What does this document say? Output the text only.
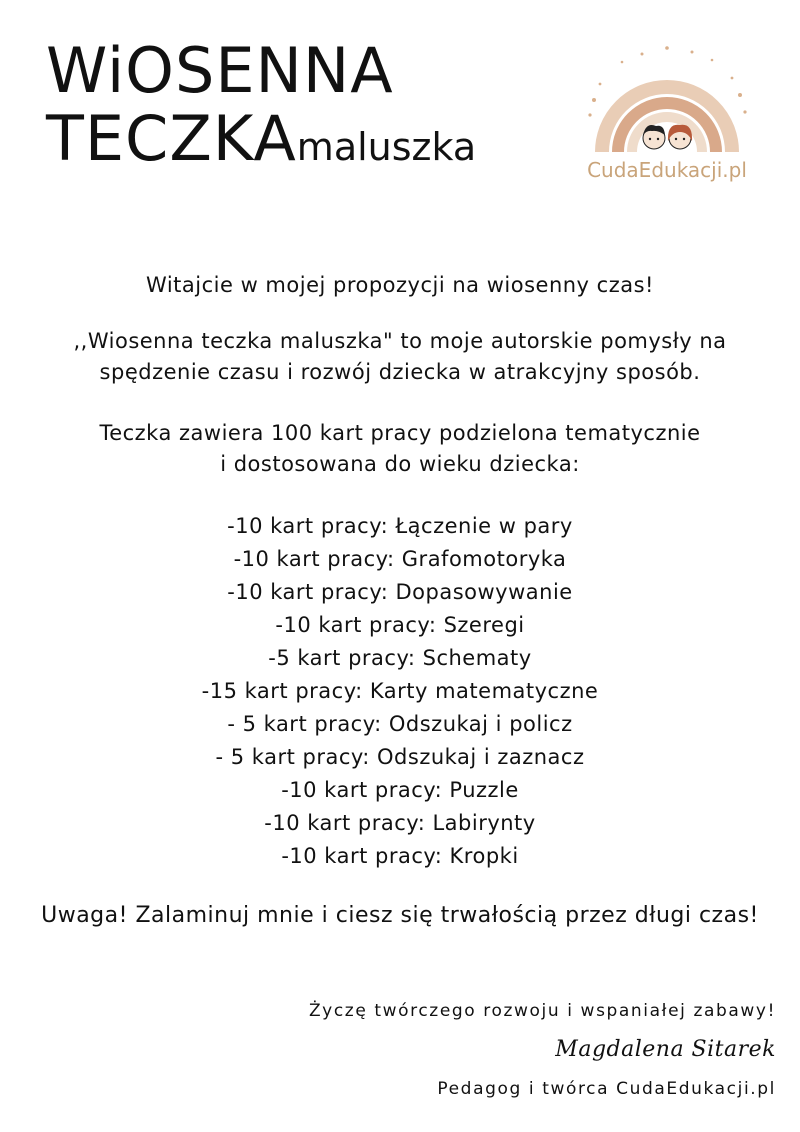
WiOSENNA
TECZKAmaluszka
CudaEdukacji.pl

Witajcie w mojej propozycji na wiosenny czas!

,,Wiosenna teczka maluszka" to moje autorskie pomysły na
spędzenie czasu i rozwój dziecka w atrakcyjny sposób.

Teczka zawiera 100 kart pracy podzielona tematycznie
i dostosowana do wieku dziecka:

-10 kart pracy: Łączenie w pary
-10 kart pracy: Grafomotoryka
-10 kart pracy: Dopasowywanie
-10 kart pracy: Szeregi
-5 kart pracy: Schematy
-15 kart pracy: Karty matematyczne
- 5 kart pracy: Odszukaj i policz
- 5 kart pracy: Odszukaj i zaznacz
-10 kart pracy: Puzzle
-10 kart pracy: Labirynty
-10 kart pracy: Kropki

Uwaga! Zalaminuj mnie i ciesz się trwałością przez długi czas!

Życzę twórczego rozwoju i wspaniałej zabawy!
Magdalena Sitarek
Pedagog i twórca CudaEdukacji.pl
